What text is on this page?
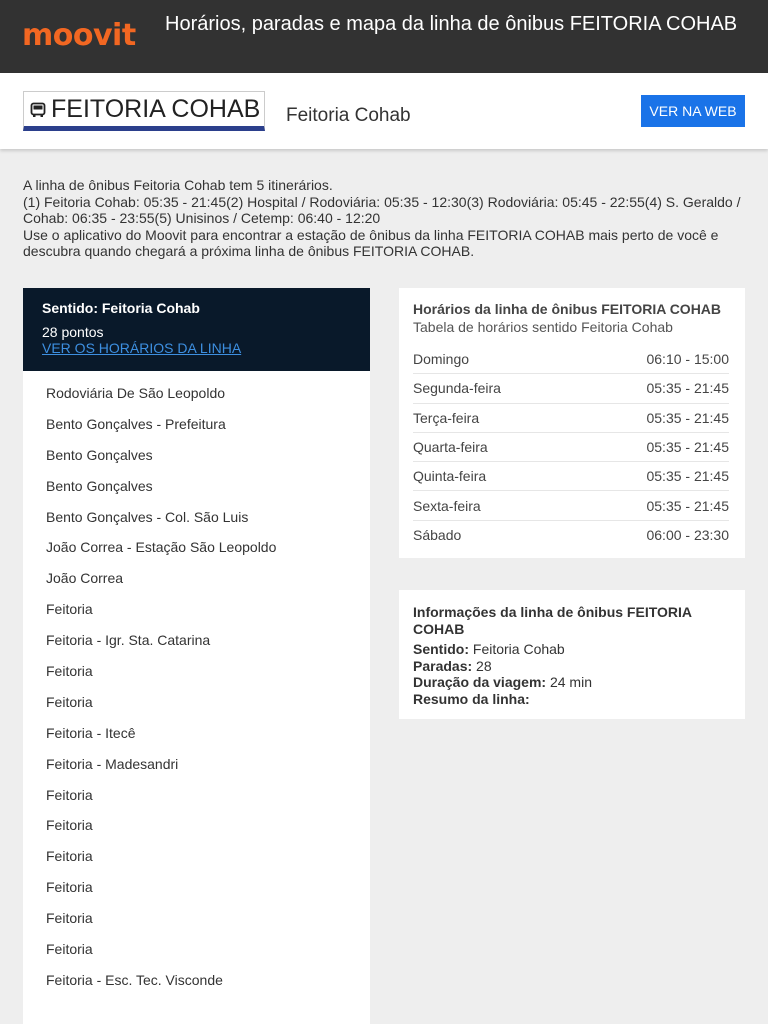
moovit Horários, paradas e mapa da linha de ônibus FEITORIA COHAB
FEITORIA COHAB Feitoria Cohab	VER NA WEB

A linha de ônibus Feitoria Cohab tem 5 itinerários.

(1) Feitoria Cohab: 05:35 - 21:45(2) Hospital / Rodoviária: 05:35 - 12:30(3) Rodoviária: 05:45 - 22:55(4) S. Geraldo / Cohab: 06:35 - 23:55(5) Unisinos / Cetemp: 06:40 - 12:20

Use o aplicativo do Moovit para encontrar a estação de ônibus da linha FEITORIA COHAB mais perto de você e descubra quando chegará a próxima linha de ônibus FEITORIA COHAB.

Sentido: Feitoria Cohab
28 pontos
VER OS HORÁRIOS DA LINHA
Rodoviária De São Leopoldo
Bento Gonçalves - Prefeitura
Bento Gonçalves
Bento Gonçalves
Bento Gonçalves - Col. São Luis
João Correa - Estação São Leopoldo
João Correa
Feitoria
Feitoria - Igr. Sta. Catarina
Feitoria
Feitoria
Feitoria - Itecê
Feitoria - Madesandri
Feitoria
Feitoria
Feitoria
Feitoria
Feitoria
Feitoria
Feitoria - Esc. Tec. Visconde
Horários da linha de ônibus FEITORIA COHAB
Tabela de horários sentido Feitoria Cohab
Domingo	06:10 - 15:00
Segunda-feira	05:35 - 21:45
Terça-feira	05:35 - 21:45
Quarta-feira	05:35 - 21:45
Quinta-feira	05:35 - 21:45
Sexta-feira	05:35 - 21:45
Sábado	06:00 - 23:30
Informações da linha de ônibus FEITORIA COHAB
Sentido: Feitoria Cohab
Paradas: 28
Duração da viagem: 24 min
Resumo da linha:
